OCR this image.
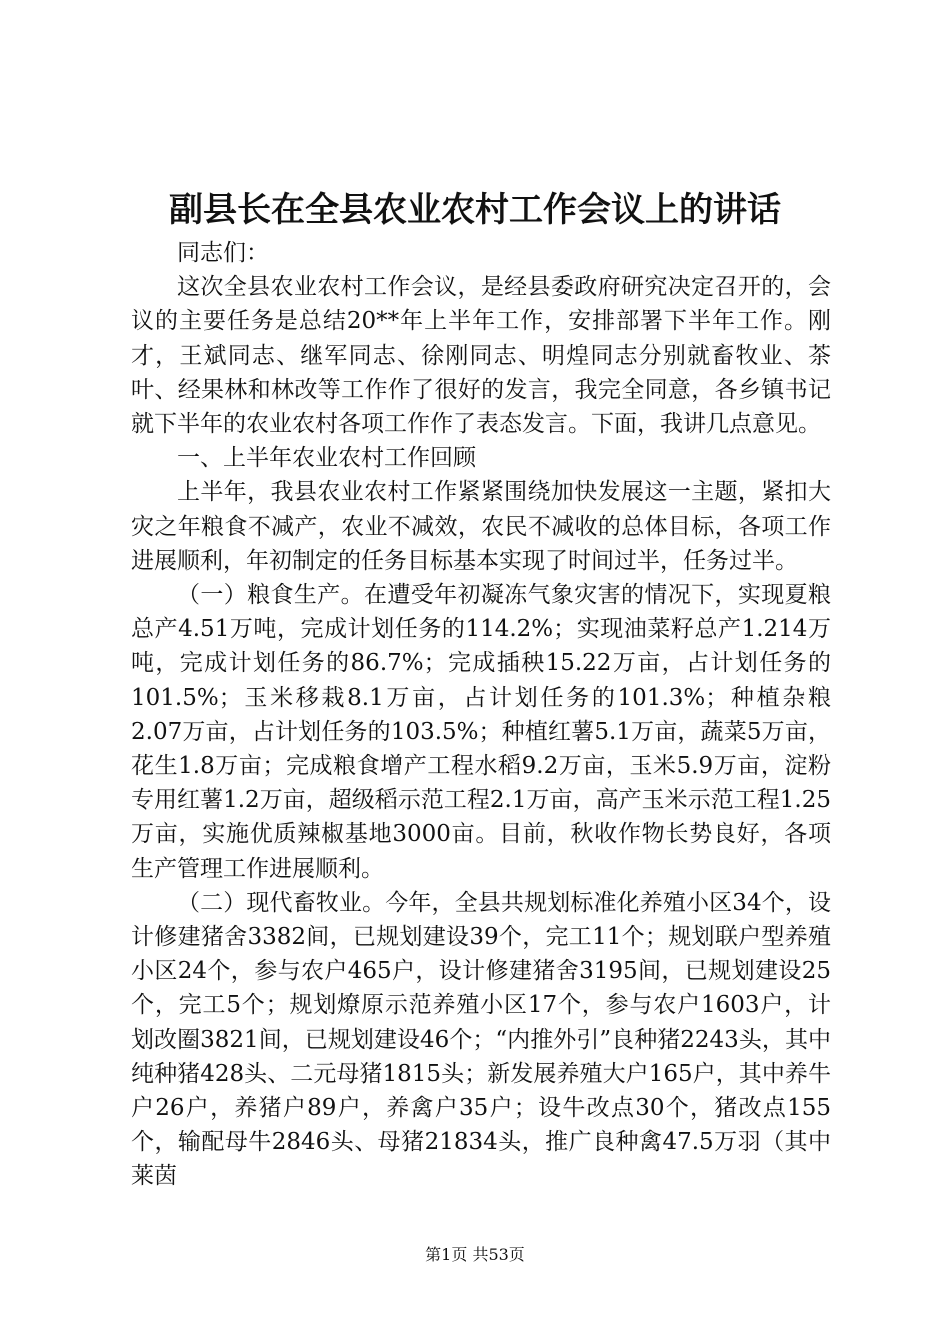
副县长在全县农业农村工作会议上的讲话

同志们：

这次全县农业农村工作会议，是经县委政府研究决定召开的，会议的主要任务是总结20**年上半年工作，安排部署下半年工作。刚才，王斌同志、继军同志、徐刚同志、明煌同志分别就畜牧业、茶叶、经果林和林改等工作作了很好的发言，我完全同意，各乡镇书记就下半年的农业农村各项工作作了表态发言。下面，我讲几点意见。

一、上半年农业农村工作回顾

上半年，我县农业农村工作紧紧围绕加快发展这一主题，紧扣大灾之年粮食不减产，农业不减效，农民不减收的总体目标，各项工作进展顺利，年初制定的任务目标基本实现了时间过半，任务过半。

（一）粮食生产。在遭受年初凝冻气象灾害的情况下，实现夏粮总产4.51万吨，完成计划任务的114.2%；实现油菜籽总产1.214万吨，完成计划任务的86.7%；完成插秧15.22万亩，占计划任务的101.5%；玉米移栽8.1万亩，占计划任务的101.3%；种植杂粮2.07万亩，占计划任务的103.5%；种植红薯5.1万亩，蔬菜5万亩，花生1.8万亩；完成粮食增产工程水稻9.2万亩，玉米5.9万亩，淀粉专用红薯1.2万亩，超级稻示范工程2.1万亩，高产玉米示范工程1.25万亩，实施优质辣椒基地3000亩。目前，秋收作物长势良好，各项生产管理工作进展顺利。

（二）现代畜牧业。今年，全县共规划标准化养殖小区34个，设计修建猪舍3382间，已规划建设39个，完工11个；规划联户型养殖小区24个，参与农户465户，设计修建猪舍3195间，已规划建设25个，完工5个；规划燎原示范养殖小区17个，参与农户1603户，计划改圈3821间，已规划建设46个；“内推外引”良种猪2243头，其中纯种猪428头、二元母猪1815头；新发展养殖大户165户，其中养牛户26户，养猪户89户，养禽户35户；设牛改点30个，猪改点155个，输配母牛2846头、母猪21834头，推广良种禽47.5万羽（其中莱茵

第1页 共53页
